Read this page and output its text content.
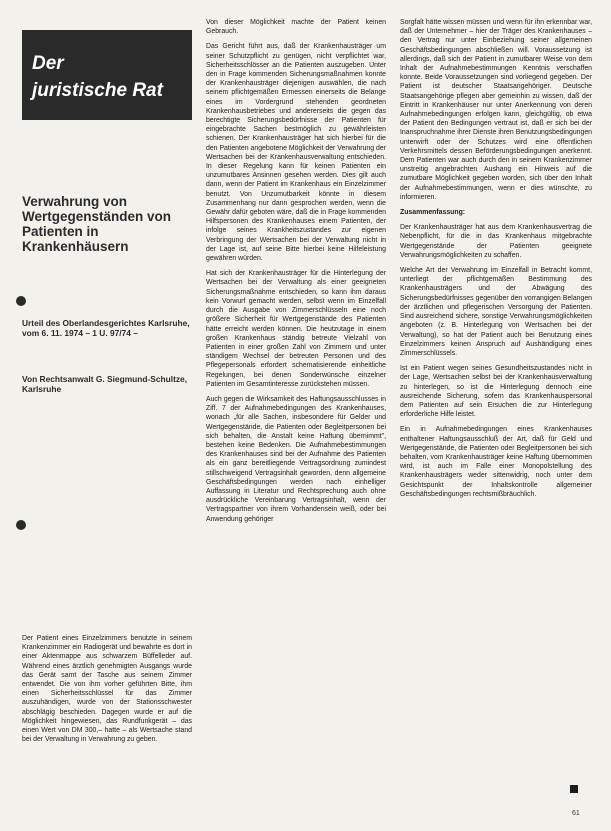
Der
juristische Rat
Verwahrung von Wertgegenständen von Patienten in Krankenhäusern
Urteil des Oberlandesgerichtes Karlsruhe, vom 6. 11. 1974 – 1 U. 97/74 –
Von Rechtsanwalt G. Siegmund-Schultze, Karlsruhe
Der Patient eines Einzelzimmers benutzte in seinem Krankenzimmer ein Radiogerät und bewahrte es dort in einer Aktenmappe aus schwarzem Büffelleder auf. Während eines ärztlich genehmigten Ausgangs wurde das Gerät samt der Tasche aus seinem Zimmer entwendet. Die von ihm vorher geführten Bitte, ihm einen Sicherheitsschlüssel für das Zimmer auszuhändigen, wurde von der Stationsschwester abschlägig beschieden. Dagegen wurde er auf die Möglichkeit hingewiesen, das Rundfunkgerät – das einen Wert von DM 300,– hatte – als Wertsache stand bei der Verwaltung in Verwahrung zu geben.

Von dieser Möglichkeit machte der Patient keinen Gebrauch.

Das Gericht führt aus, daß der Krankenhausträger um seiner Schutzpflicht zu genügen, nicht verpflichtet war, Sicherheitsschlösser an die Patienten auszugeben. Unter den in Frage kommenden Sicherungsmaßnahmen konnte der Krankenhausträger diejenigen auswählen, die nach seinem pflichtgemäßen Ermessen einerseits die Belange eines im Vordergrund stehenden geordneten Krankenhausbetriebes und andererseits die gegen das berechtigte Sicherungsbedürfnisse der Patienten für eingebrachte Sachen bestmöglich zu gewährleisten schienen. Der Krankenhausträger hat sich hierbei für die den Patienten angebotene Möglichkeit der Verwahrung der Wertsachen bei der Krankenhausverwaltung entschieden. In dieser Regelung kann für keinen Patienten ein unzumutbares Ansinnen gesehen werden. Dies gilt auch dann, wenn der Patient im Krankenhaus ein Einzelzimmer benutzt. Von Unzumutbarkeit könnte in diesem Zusammenhang nur dann gesprochen werden, wenn die Gewähr dafür geboten wäre, daß die in Frage kommenden Hilfspersonen des Krankenhauses einem Patienten, der infolge seines Krankheitszustandes zur eigenen Verbringung der Wertsachen bei der Verwaltung nicht in der Lage ist, auf seine Bitte hierbei keine Hilfeleistung gewähren würden.

Hat sich der Krankenhausträger für die Hinterlegung der Wertsachen bei der Verwaltung als einer geeigneten Sicherungsmaßnahme entschieden, so kann ihm daraus kein Vorwurf gemacht werden, selbst wenn im Einzelfall durch die Ausgabe von Zimmerschlüsseln eine noch größere Sicherheit für Wertgegenstände des Patienten hätte erreicht werden können. Die heutzutage in einem großen Krankenhaus ständig betreute Vielzahl von Patienten in einer großen Zahl von Zimmern und unter ständigem Wechsel der betreuten Personen und des Pflegepersonals erfordert schematisierende einheitliche Regelungen, bei denen Sonderwünsche einzelner Patienten im Gesamtinteresse zurückstehen müssen.

Auch gegen die Wirksamkeit des Haftungsausschlusses in Ziff. 7 der Aufnahmebedingungen des Krankenhauses, wonach „für alle Sachen, insbesondere für Gelder und Wertgegenstände, die Patienten oder Begleitpersonen bei sich behalten, die Anstalt keine Haftung übernimmt", bestehen keine Bedenken. Die Aufnahmebestimmungen des Krankenhauses sind bei der Aufnahme des Patienten als ein ganz bereitliegende Vertragsordnung zumindest stillschweigend Vertragsinhalt geworden, denn allgemeine Geschäftsbedingungen werden nach einhelliger Auffassung in Literatur und Rechtsprechung auch ohne ausdrückliche Vereinbarung Vertragsinhalt, wenn der Vertragspartner von ihrem Vorhandensein weiß, oder bei Anwendung gehöriger

Sorgfalt hätte wissen müssen und wenn für ihn erkennbar war, daß der Unternehmer – hier der Träger des Krankenhauses – den Vertrag nur unter Einbeziehung seiner allgemeinen Geschäftsbedingungen abschließen will. Voraussetzung ist allerdings, daß sich der Patient in zumutbarer Weise von dem Inhalt der Aufnahmebestimmungen Kenntnis verschaffen konnte. Beide Voraussetzungen sind vorliegend gegeben. Der Patient ist deutscher Staatsangehöriger. Deutsche Staatsangehörige pflegen aber gemeinhin zu wissen, daß der Eintritt in Krankenhäuser nur unter Anerkennung von deren Aufnahmebedingungen erfolgen kann, gleichgültig, ob etwa der Patient den Bedingungen vertraut ist, daß er sich bei der Inanspruchnahme ihrer Dienste ihren Benutzungsbedingungen unterwirft oder der Schutzes wird eine öffentlichen Verkehrsmittels dessen Beförderungsbedingungen anerkennt. Dem Patienten war auch durch den in seinem Krankenzimmer unstreitig angebrachten Aushang ein Hinweis auf die zumutbare Möglichkeit gegeben worden, sich über den Inhalt der Aufnahmebestimmungen, wenn er dies wünschte, zu informieren.

Zusammenfassung:

Der Krankenhausträger hat aus dem Krankenhausvertrag die Nebenpflicht, für die in das Krankenhaus mitgebrachte Wertgegenstände der Patienten geeignete Verwahrungsmöglichkeiten zu schaffen.

Welche Art der Verwahrung im Einzelfall in Betracht kommt, unterliegt der pflichtgemäßen Bestimmung des Krankenhausträgers und der Abwägung des Sicherungsbedürfnisses gegenüber den vorrangigen Belangen der ärztlichen und pflegerischen Versorgung der Patienten. Sind ausreichend sichere, sonstige Verwahrungsmöglichkeiten angeboten (z. B. Hinterlegung von Wertsachen bei der Verwaltung), so hat der Patient auch bei Benutzung eines Einzelzimmers keinen Anspruch auf Aushändigung eines Zimmerschlüssels.

Ist ein Patient wegen seines Gesundheitszustandes nicht in der Lage, Wertsachen selbst bei der Krankenhausverwaltung zu hinterlegen, so ist die Hinterlegung dennoch eine ausreichende Sicherung, sofern das Krankenhauspersonal dem Patienten auf sein Ersuchen die zur Hinterlegung erforderliche Hilfe leistet.

Ein in Aufnahmebedingungen eines Krankenhauses enthaltener Haftungsausschluß der Art, daß für Geld und Wertgegenstände, die Patienten oder Begleitpersonen bei sich behalten, vom Krankenhausträger keine Haftung übernommen wird, ist auch im Falle einer Monopolstellung des Krankenhausträgers weder sittenwidrig, noch unter dem Gesichtspunkt der Inhaltskontrolle allgemeiner Geschäftsbedingungen rechtsmißbräuchlich.

61
